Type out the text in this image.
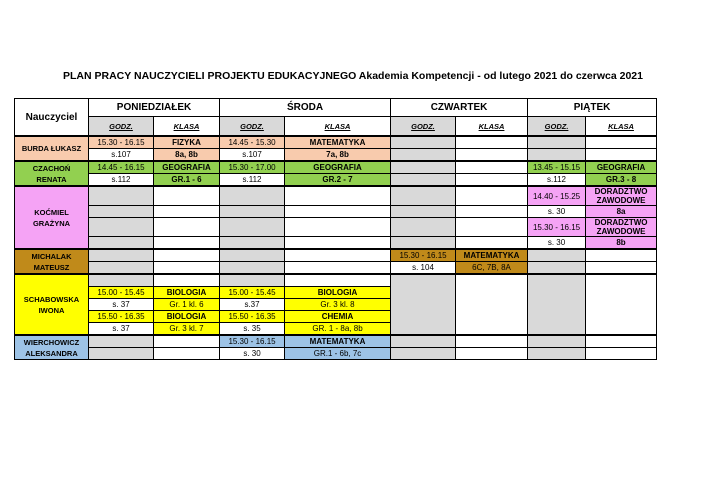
PLAN PRACY NAUCZYCIELI PROJEKTU EDUKACYJNEGO Akademia Kompetencji - od lutego 2021 do czerwca 2021
Nauczyciel	PONIEDZIAŁEK		ŚRODA		CZWARTEK		PIĄTEK	
	GODZ.	KLASA	GODZ.	KLASA	GODZ.	KLASA	GODZ.	KLASA
BURDA ŁUKASZ	15.30 - 16.15	FIZYKA	14.45 - 15.30	MATEMATYKA				
	s.107	8a, 8b	s.107	7a, 8b				
CZACHOŃ
RENATA	14.45 - 16.15	GEOGRAFIA	15.30 - 17.00	GEOGRAFIA			13.45 - 15.15	GEOGRAFIA
	s.112	GR.1 - 6	s.112	GR.2 - 7			s.112	GR.3 - 8
KOĆMIEL
GRAŻYNA							14.40 - 15.25	DORADZTWO ZAWODOWE
							s. 30	8a
							15.30 - 16.15	DORADZTWO ZAWODOWE
							s. 30	8b
MICHALAK
MATEUSZ					15.30 - 16.15	MATEMATYKA		
					s. 104	6C, 7B, 8A		
SCHABOWSKA
IWONA								
	15.00 - 15.45	BIOLOGIA	15.00 - 15.45	BIOLOGIA				
	s. 37	Gr. 1 kl. 6	s.37	Gr. 3 kl. 8				
	15.50 - 16.35	BIOLOGIA	15.50 - 16.35	CHEMIA				
	s. 37	Gr. 3 kl. 7	s. 35	GR. 1 - 8a, 8b				
WIERCHOWICZ
ALEKSANDRA			15.30 - 16.15	MATEMATYKA				
			s. 30	GR.1 - 6b, 7c				
